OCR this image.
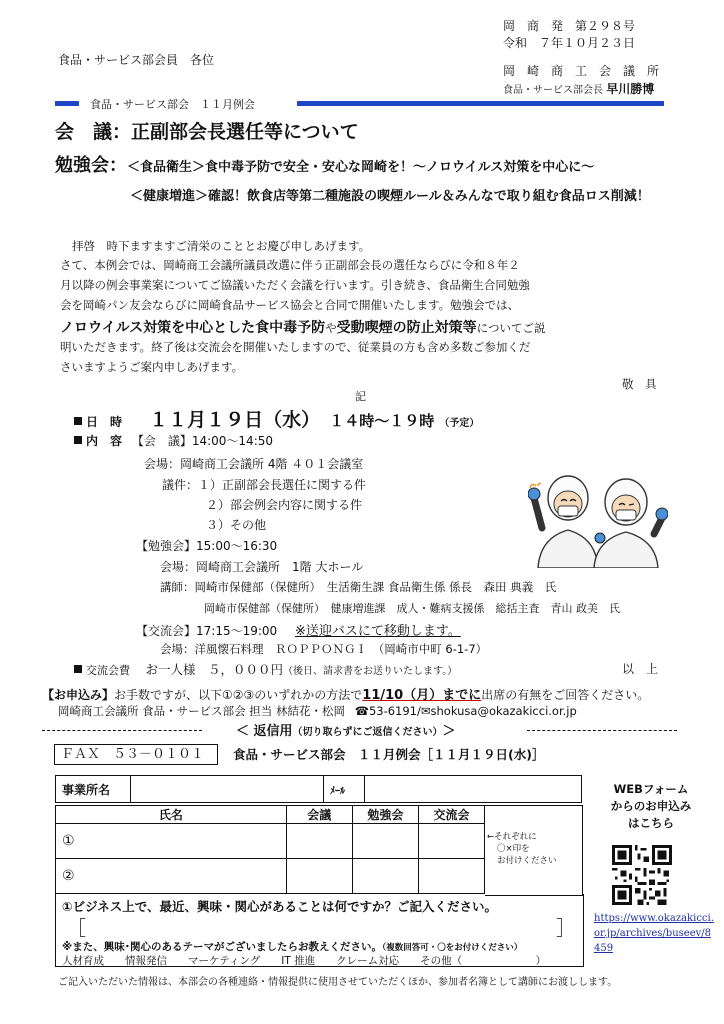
岡　商　発　第２９８号
令和　７年１０月２３日
食品・サービス部会員　各位
岡　崎　商　工　会　議　所
食品・サービス部会長 早川勝博
食品・サービス部会　１１月例会
会　議：正副部会長選任等について
勉強会：＜食品衛生＞食中毒予防で安全・安心な岡崎を！～ノロウイルス対策を中心に～
＜健康増進＞確認！飲食店等第二種施設の喫煙ルール＆みんなで取り組む食品ロス削減！
拝啓　時下ますますご清栄のこととお慶び申しあげます。
さて、本例会では、岡崎商工会議所議員改選に伴う正副部会長の選任ならびに令和８年２
月以降の例会事業案についてご協議いただく会議を行います。引き続き、食品衛生合同勉強
会を岡崎パン友会ならびに岡崎食品サービス協会と合同で開催いたします。勉強会では、
ノロウイルス対策を中心とした食中毒予防や受動喫煙の防止対策等についてご説
明いただきます。終了後は交流会を開催いたしますので、従業員の方も含め多数ご参加くだ
さいますようご案内申しあげます。
敬　具
記
日　時 １１月１９日（水） １４時～１９時 （予定）
内　容 【会　議】14:00～14:50
会場：岡崎商工会議所 4階 ４０１会議室
議件：１）正副部会長選任に関する件
２）部会例会内容に関する件
３）その他
【勉強会】15:00～16:30
会場：岡崎商工会議所　1階 大ホール
講師：岡崎市保健部（保健所）　生活衛生課 食品衛生係 係長　森田 典義　氏
岡崎市保健部（保健所）　健康増進課　成人・難病支援係　総括主査　青山 政美　氏
【交流会】17:15～19:00 ※送迎バスにて移動します。
会場：洋風懐石料理　ＲＯＰＰＯＮＧＩ　（岡崎市中町 6-1-7）
交流会費 お一人様　５，０００円（後日、請求書をお送りいたします。）	以　上
【お申込み】お手数ですが、以下①②③のいずれかの方法で11/10（月）までに出席の有無をご回答ください。
岡崎商工会議所 食品・サービス部会 担当 林結花・松岡 ☎53-6191/✉shokusa@okazakicci.or.jp
＜ 返信用（切り取らずにご返信ください）＞
ＦＡＸ　５３－０１０１	食品・サービス部会　１１月例会［１１月１９日(水)］
事業所名		ﾒｰﾙ	
氏名	会議	勉強会	交流会
①			
②			
←それぞれに
〇×印を
お付けください
①ビジネス上で、最近、興味・関心があることは何ですか？ご記入ください。
［	］
※また、興味･関心のあるテーマがございましたらお教えください。（複数回答可・〇をお付けください）
人材育成　　情報発信　　マーケティング　　IT 推進　　クレーム対応　　その他（　　　　　　　）
WEBフォーム
からのお申込み
はこちら
https://www.okazakicci.
or.jp/archives/buseev/8
459
ご記入いただいた情報は、本部会の各種連絡・情報提供に使用させていただくほか、参加者名簿として講師にお渡しします。
